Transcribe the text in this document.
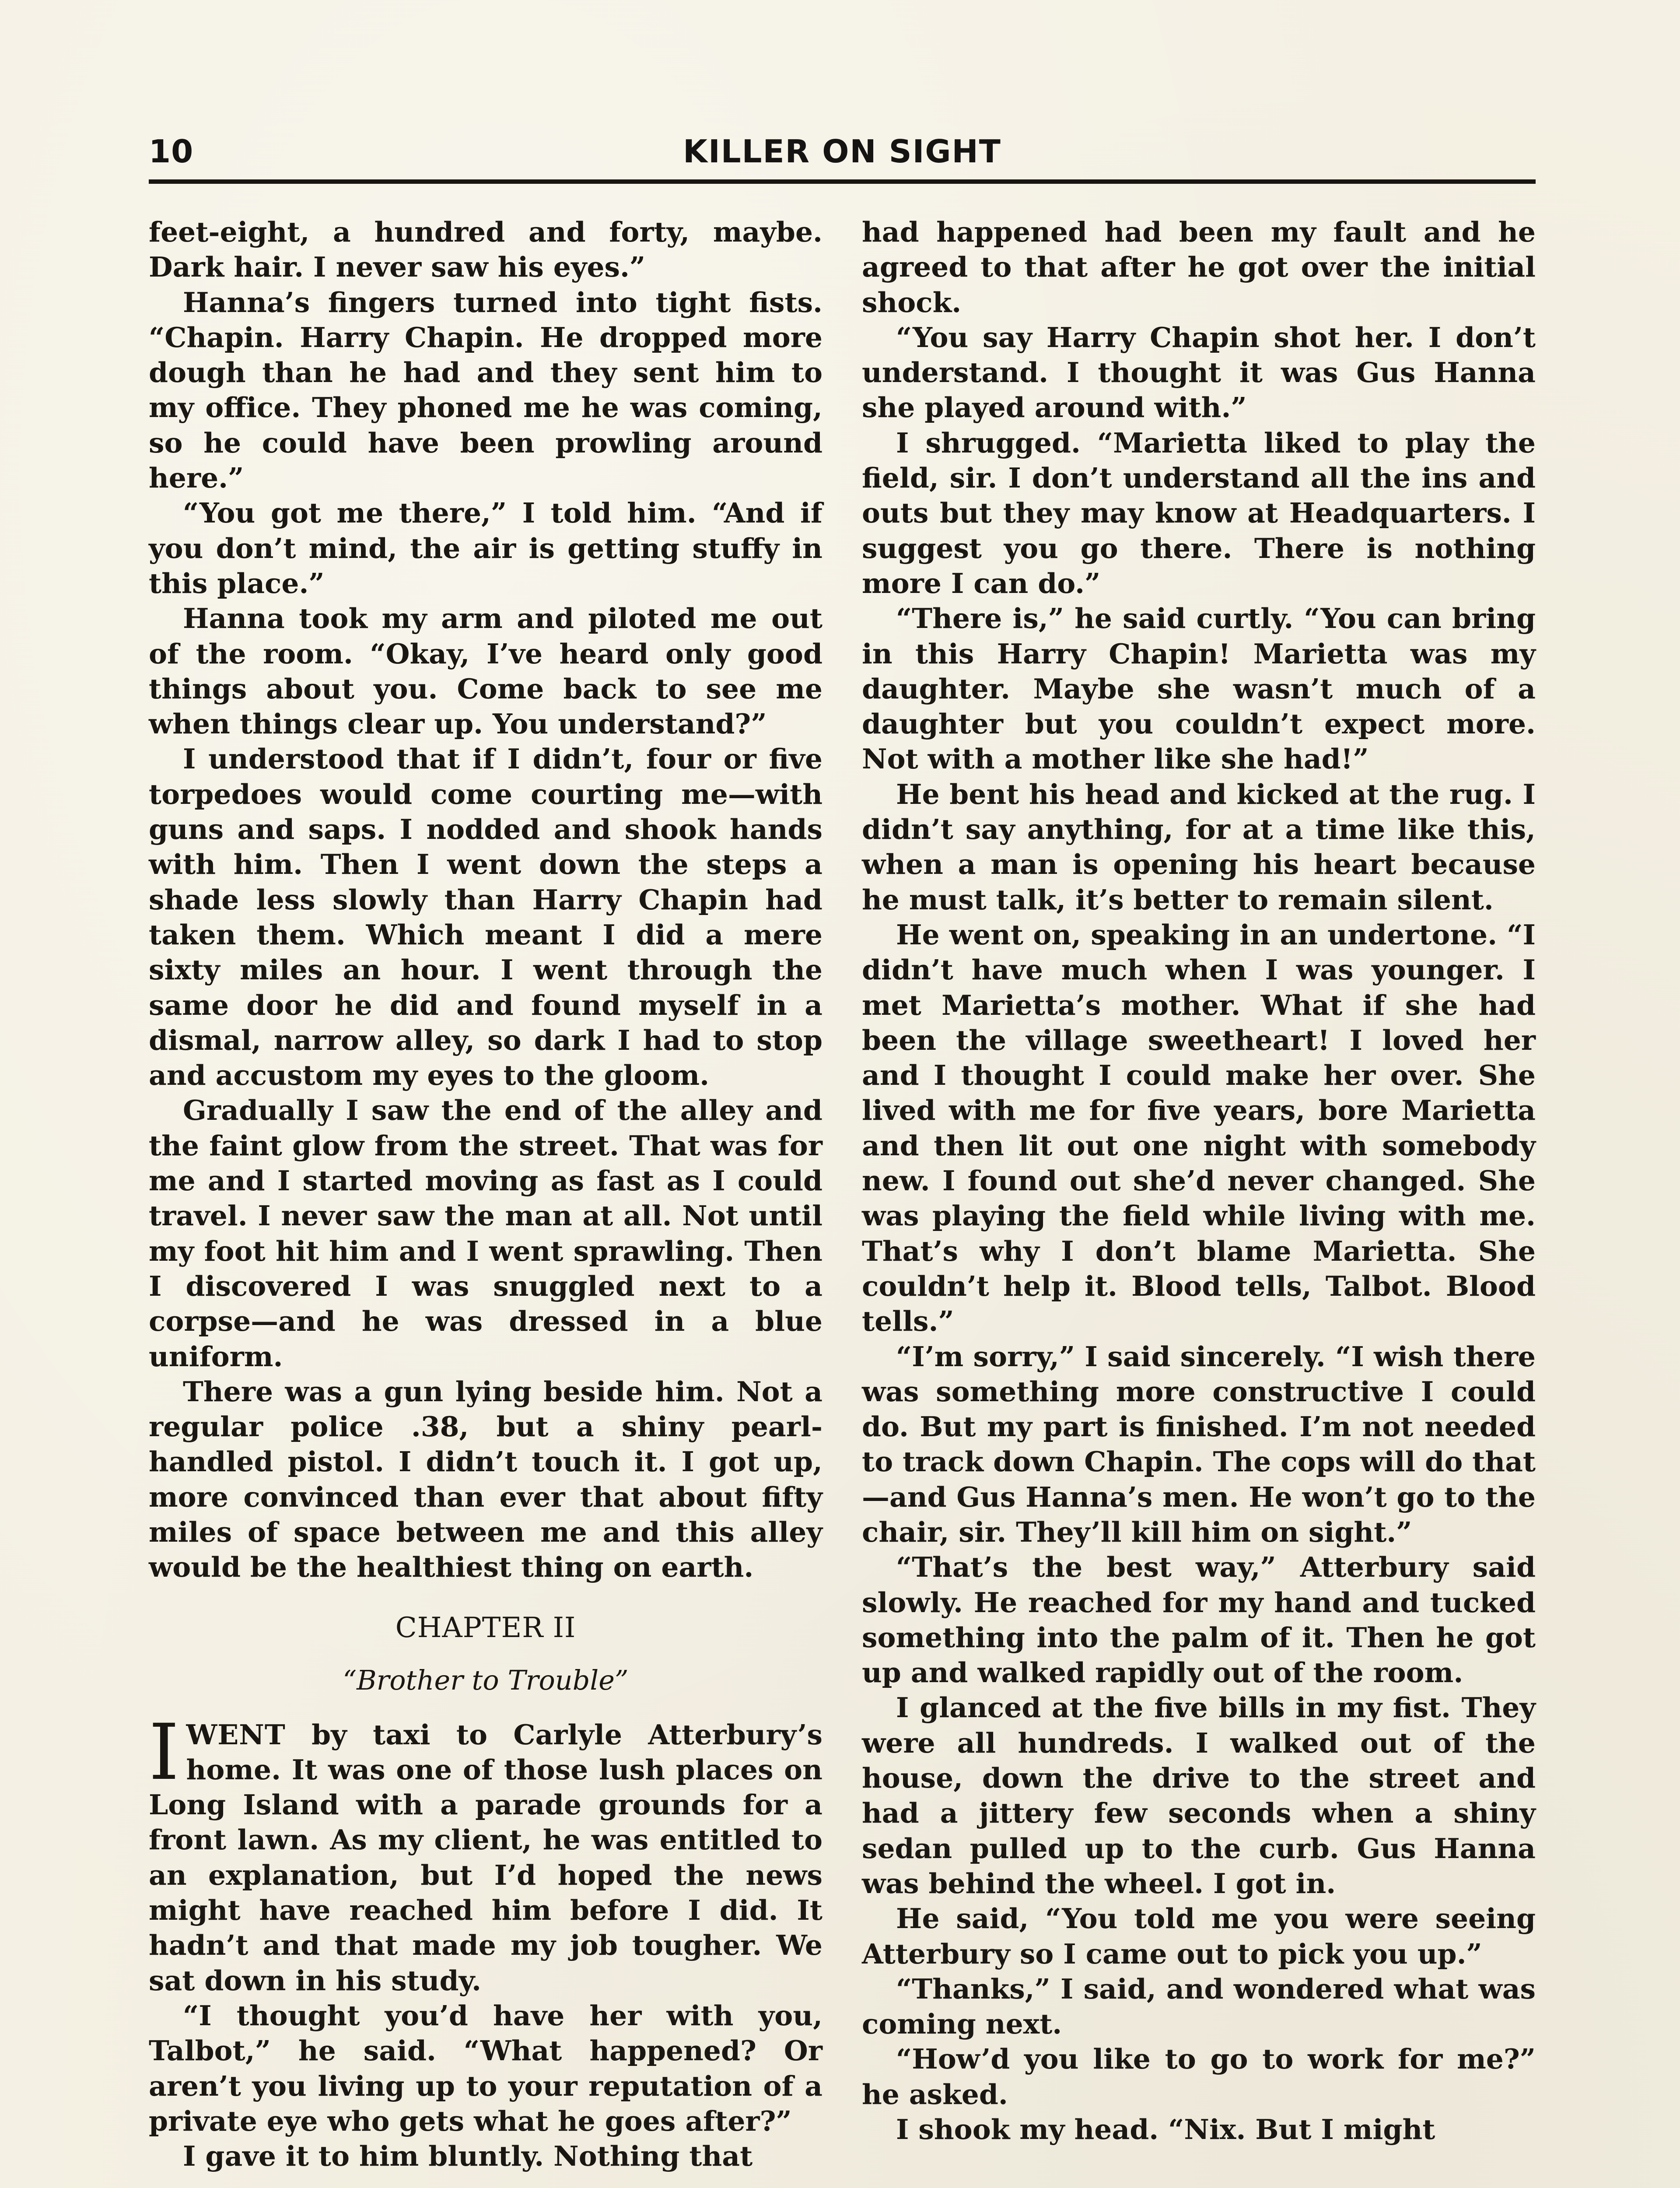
10	KILLER ON SIGHT

feet-eight, a hundred and forty, maybe. Dark hair. I never saw his eyes.”

Hanna’s fingers turned into tight fists. “Chapin. Harry Chapin. He dropped more dough than he had and they sent him to my office. They phoned me he was coming, so he could have been prowling around here.”

“You got me there,” I told him. “And if you don’t mind, the air is getting stuffy in this place.”

Hanna took my arm and piloted me out of the room. “Okay, I’ve heard only good things about you. Come back to see me when things clear up. You understand?”

I understood that if I didn’t, four or five torpedoes would come courting me—with guns and saps. I nodded and shook hands with him. Then I went down the steps a shade less slowly than Harry Chapin had taken them. Which meant I did a mere sixty miles an hour. I went through the same door he did and found myself in a dismal, narrow alley, so dark I had to stop and accustom my eyes to the gloom.

Gradually I saw the end of the alley and the faint glow from the street. That was for me and I started moving as fast as I could travel. I never saw the man at all. Not until my foot hit him and I went sprawling. Then I discovered I was snuggled next to a corpse—and he was dressed in a blue uniform.

There was a gun lying beside him. Not a regular police .38, but a shiny pearl-handled pistol. I didn’t touch it. I got up, more convinced than ever that about fifty miles of space between me and this alley would be the healthiest thing on earth.

CHAPTER II
“Brother to Trouble”

IWENT by taxi to Carlyle Atterbury’s home. It was one of those lush places on Long Island with a parade grounds for a front lawn. As my client, he was entitled to an explanation, but I’d hoped the news might have reached him before I did. It hadn’t and that made my job tougher. We sat down in his study.

“I thought you’d have her with you, Talbot,” he said. “What happened? Or aren’t you living up to your reputation of a private eye who gets what he goes after?”

I gave it to him bluntly. Nothing that

had happened had been my fault and he agreed to that after he got over the initial shock.

“You say Harry Chapin shot her. I don’t understand. I thought it was Gus Hanna she played around with.”

I shrugged. “Marietta liked to play the field, sir. I don’t understand all the ins and outs but they may know at Headquarters. I suggest you go there. There is nothing more I can do.”

“There is,” he said curtly. “You can bring in this Harry Chapin! Marietta was my daughter. Maybe she wasn’t much of a daughter but you couldn’t expect more. Not with a mother like she had!”

He bent his head and kicked at the rug. I didn’t say anything, for at a time like this, when a man is opening his heart because he must talk, it’s better to remain silent.

He went on, speaking in an undertone. “I didn’t have much when I was younger. I met Marietta’s mother. What if she had been the village sweetheart! I loved her and I thought I could make her over. She lived with me for five years, bore Marietta and then lit out one night with somebody new. I found out she’d never changed. She was playing the field while living with me. That’s why I don’t blame Marietta. She couldn’t help it. Blood tells, Talbot. Blood tells.”

“I’m sorry,” I said sincerely. “I wish there was something more constructive I could do. But my part is finished. I’m not needed to track down Chapin. The cops will do that—and Gus Hanna’s men. He won’t go to the chair, sir. They’ll kill him on sight.”

“That’s the best way,” Atterbury said slowly. He reached for my hand and tucked something into the palm of it. Then he got up and walked rapidly out of the room.

I glanced at the five bills in my fist. They were all hundreds. I walked out of the house, down the drive to the street and had a jittery few seconds when a shiny sedan pulled up to the curb. Gus Hanna was behind the wheel. I got in.

He said, “You told me you were seeing Atterbury so I came out to pick you up.”

“Thanks,” I said, and wondered what was coming next.

“How’d you like to go to work for me?” he asked.

I shook my head. “Nix. But I might
